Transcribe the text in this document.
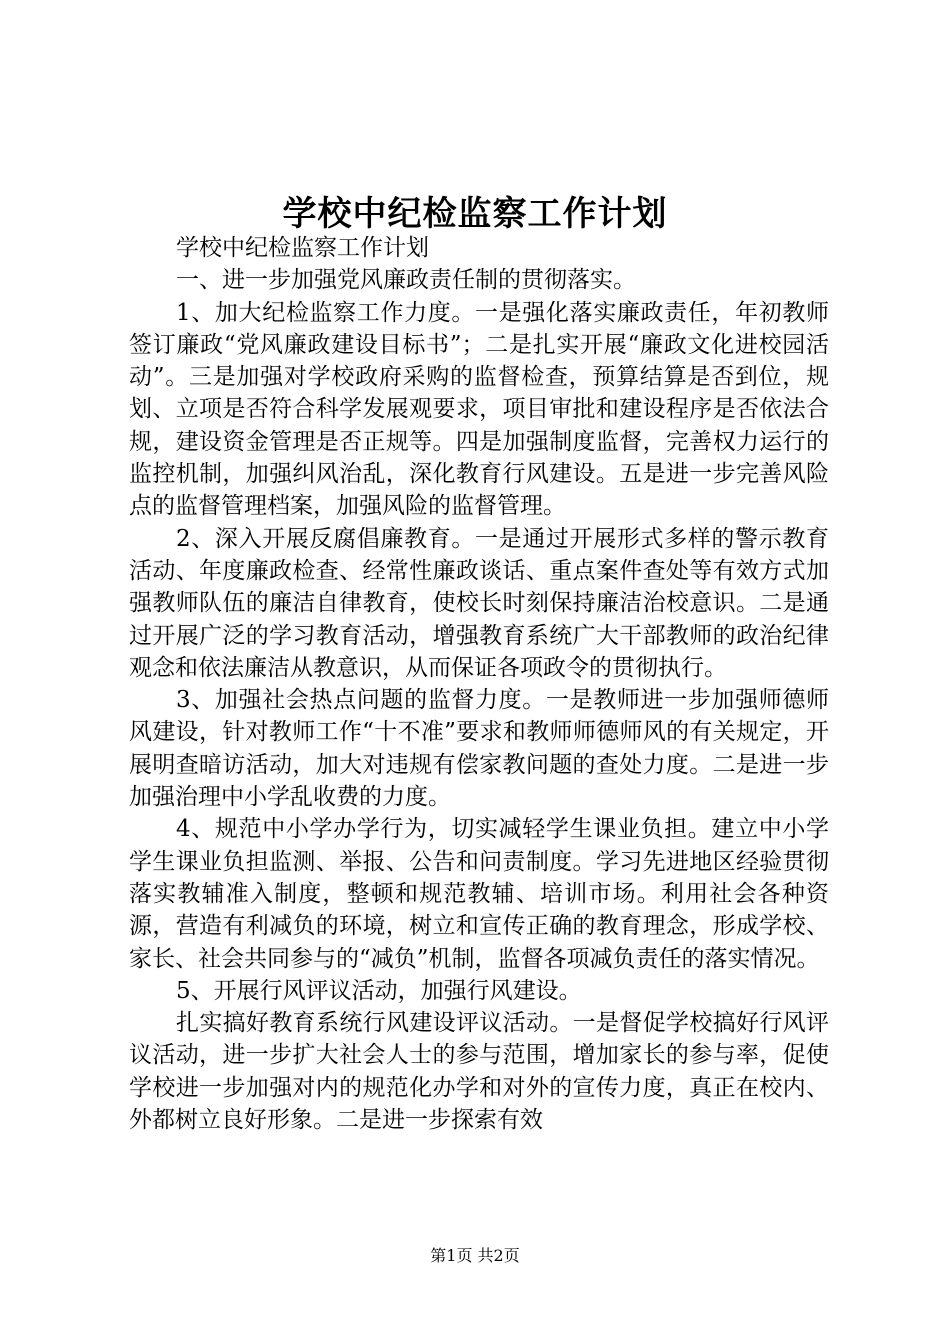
学校中纪检监察工作计划

学校中纪检监察工作计划

一、进一步加强党风廉政责任制的贯彻落实。

1、加大纪检监察工作力度。一是强化落实廉政责任，年初教师签订廉政“党风廉政建设目标书”；二是扎实开展“廉政文化进校园活动”。三是加强对学校政府采购的监督检查，预算结算是否到位，规划、立项是否符合科学发展观要求，项目审批和建设程序是否依法合规，建设资金管理是否正规等。四是加强制度监督，完善权力运行的监控机制，加强纠风治乱，深化教育行风建设。五是进一步完善风险点的监督管理档案，加强风险的监督管理。

2、深入开展反腐倡廉教育。一是通过开展形式多样的警示教育活动、年度廉政检查、经常性廉政谈话、重点案件查处等有效方式加强教师队伍的廉洁自律教育，使校长时刻保持廉洁治校意识。二是通过开展广泛的学习教育活动，增强教育系统广大干部教师的政治纪律观念和依法廉洁从教意识，从而保证各项政令的贯彻执行。

3、加强社会热点问题的监督力度。一是教师进一步加强师德师风建设，针对教师工作“十不准”要求和教师师德师风的有关规定，开展明查暗访活动，加大对违规有偿家教问题的查处力度。二是进一步加强治理中小学乱收费的力度。

4、规范中小学办学行为，切实减轻学生课业负担。建立中小学学生课业负担监测、举报、公告和问责制度。学习先进地区经验贯彻落实教辅准入制度，整顿和规范教辅、培训市场。利用社会各种资源，营造有利减负的环境，树立和宣传正确的教育理念，形成学校、家长、社会共同参与的“减负”机制，监督各项减负责任的落实情况。

5、开展行风评议活动，加强行风建设。

扎实搞好教育系统行风建设评议活动。一是督促学校搞好行风评议活动，进一步扩大社会人士的参与范围，增加家长的参与率，促使学校进一步加强对内的规范化办学和对外的宣传力度，真正在校内、外都树立良好形象。二是进一步探索有效

第1页 共2页
